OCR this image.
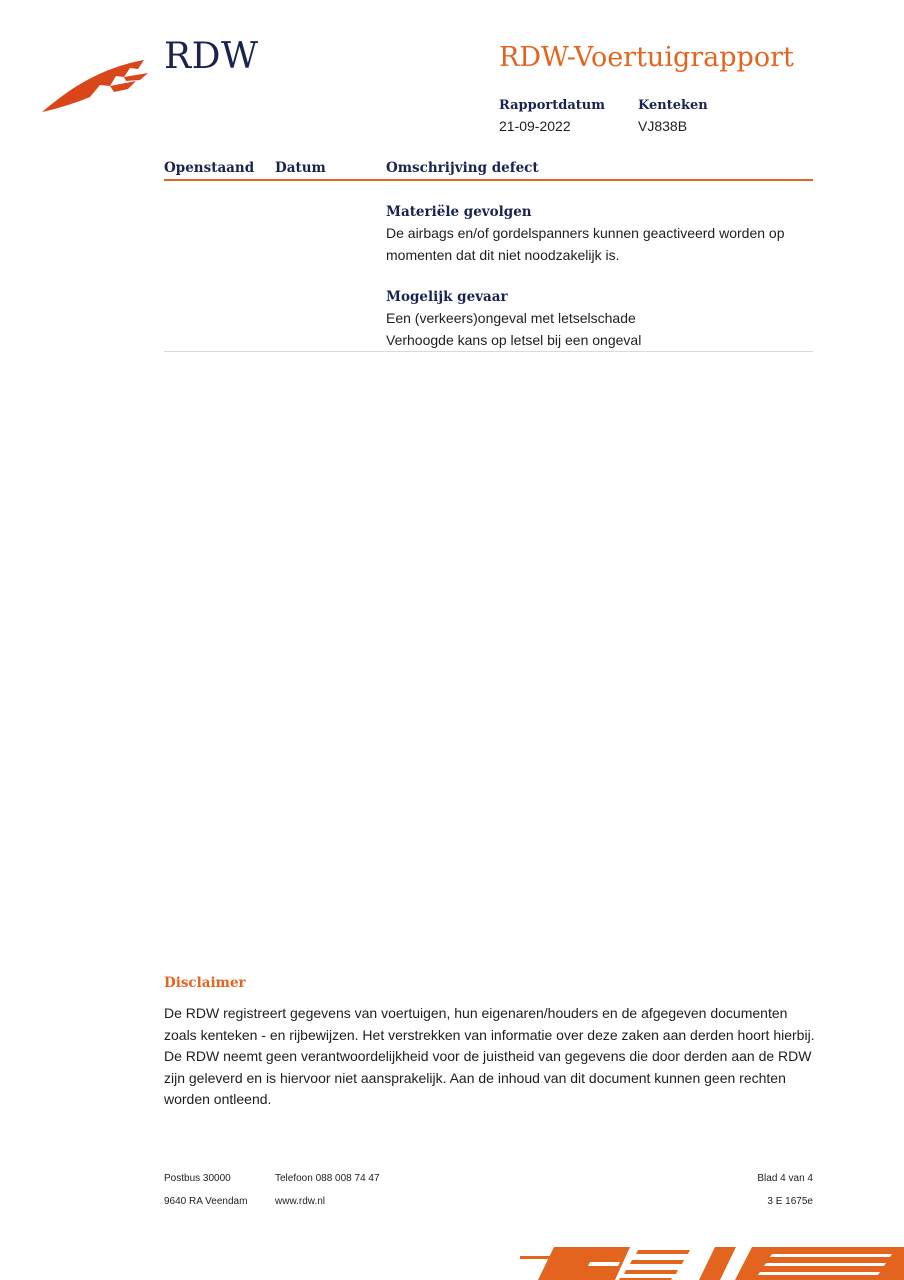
RDW	RDW-Voertuigrapport
Rapportdatum
21-09-2022
Kenteken
VJ838B
Openstaand Datum	Omschrijving defect
Materiële gevolgen
De airbags en/of gordelspanners kunnen geactiveerd worden op
momenten dat dit niet noodzakelijk is.
Mogelijk gevaar
Een (verkeers)ongeval met letselschade
Verhoogde kans op letsel bij een ongeval
Disclaimer
De RDW registreert gegevens van voertuigen, hun eigenaren/houders en de afgegeven documenten zoals kenteken - en rijbewijzen. Het verstrekken van informatie over deze zaken aan derden hoort hierbij. De RDW neemt geen verantwoordelijkheid voor de juistheid van gegevens die door derden aan de RDW zijn geleverd en is hiervoor niet aansprakelijk. Aan de inhoud van dit document kunnen geen rechten worden ontleend.
Postbus 30000
9640 RA Veendam
Telefoon 088 008 74 47
www.rdw.nl
Blad 4 van 4
3 E 1675e
